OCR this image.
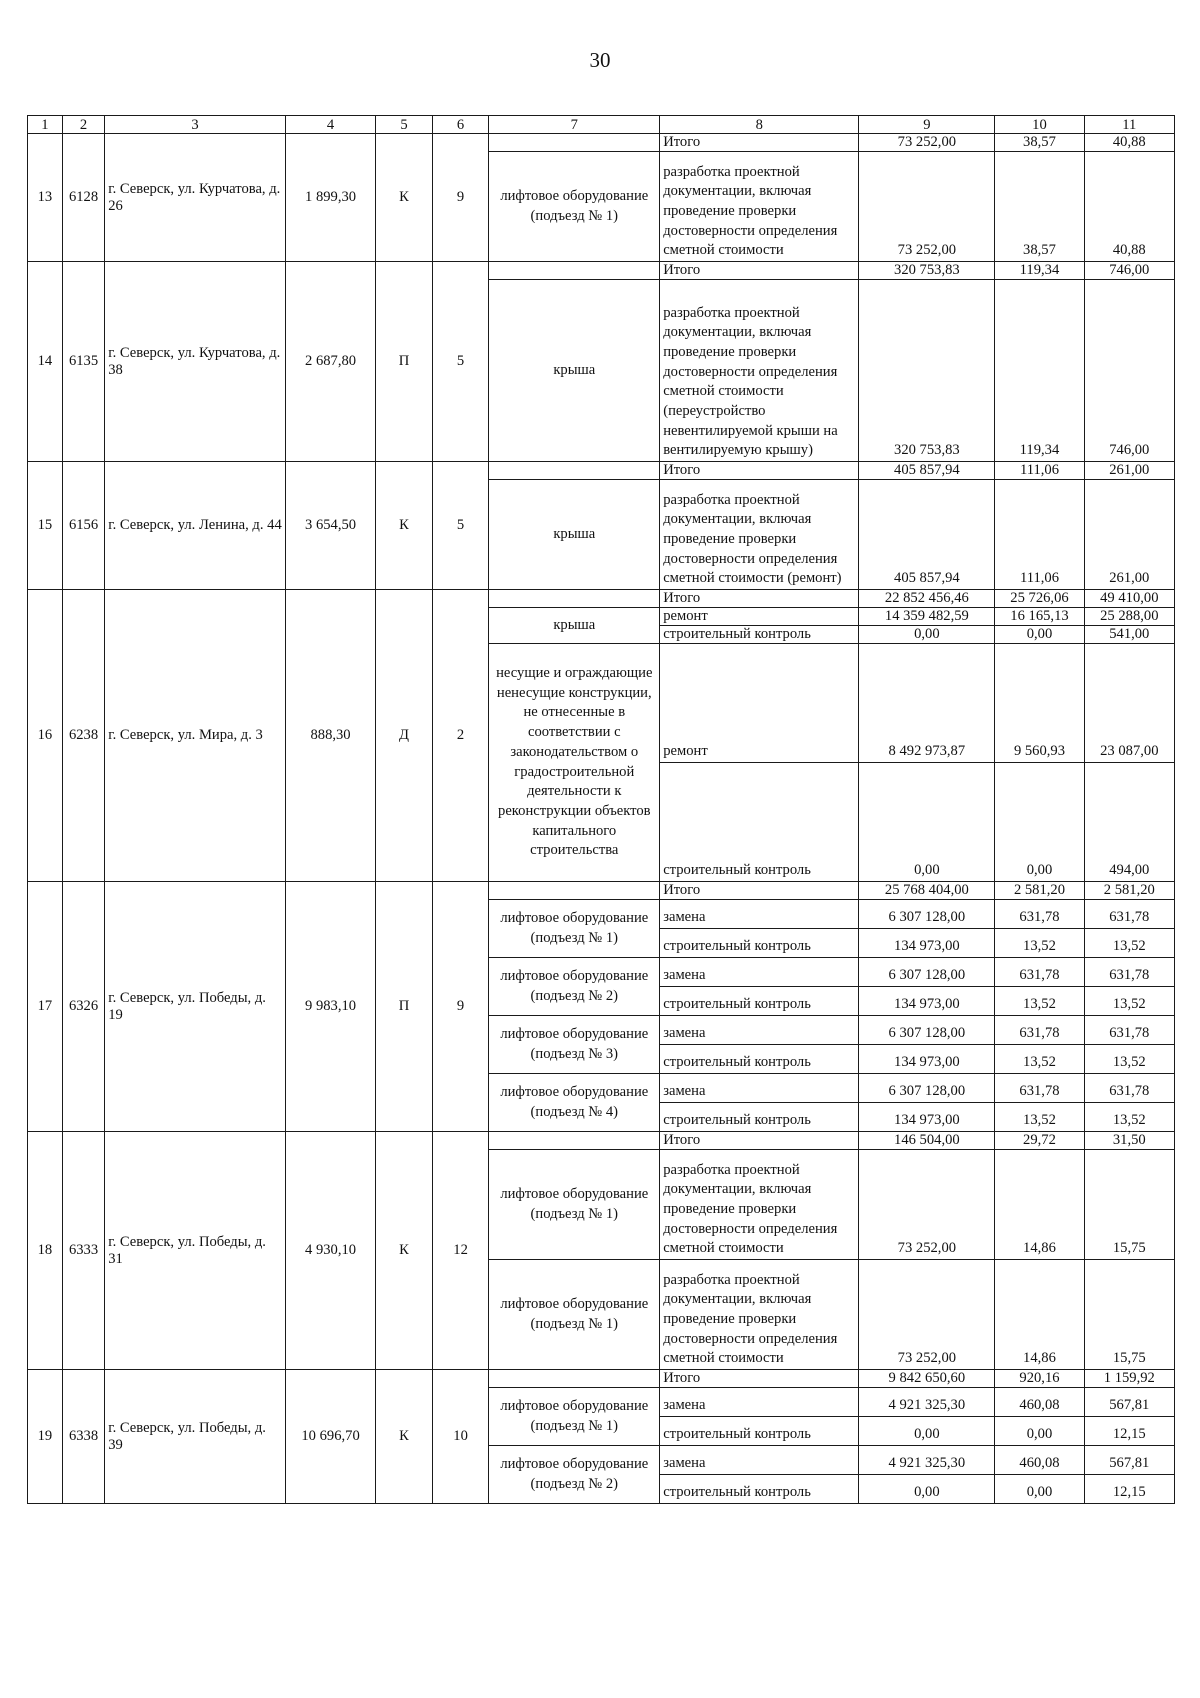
30
1	2	3	4	5	6	7	8	9	10	11
13	6128	г. Северск, ул. Курчатова, д. 26	1 899,30	К	9		Итого	73 252,00	38,57	40,88
						лифтовое оборудование (подъезд № 1)	разработка проектной документации, включая проведение проверки достоверности определения сметной стоимости	73 252,00	38,57	40,88
14	6135	г. Северск, ул. Курчатова, д. 38	2 687,80	П	5		Итого	320 753,83	119,34	746,00
						крыша	разработка проектной документации, включая проведение проверки достоверности определения сметной стоимости (переустройство невентилируемой крыши на вентилируемую крышу)	320 753,83	119,34	746,00
15	6156	г. Северск, ул. Ленина, д. 44	3 654,50	К	5		Итого	405 857,94	111,06	261,00
						крыша	разработка проектной документации, включая проведение проверки достоверности определения сметной стоимости (ремонт)	405 857,94	111,06	261,00
16	6238	г. Северск, ул. Мира, д. 3	888,30	Д	2		Итого	22 852 456,46	25 726,06	49 410,00
						крыша	ремонт	14 359 482,59	16 165,13	25 288,00
							строительный контроль	0,00	0,00	541,00
						несущие и ограждающие ненесущие конструкции, не отнесенные в соответствии с законодательством о градостроительной деятельности к реконструкции объектов капитального строительства	ремонт	8 492 973,87	9 560,93	23 087,00
							строительный контроль	0,00	0,00	494,00
17	6326	г. Северск, ул. Победы, д. 19	9 983,10	П	9		Итого	25 768 404,00	2 581,20	2 581,20
						лифтовое оборудование (подъезд № 1)	замена	6 307 128,00	631,78	631,78
							строительный контроль	134 973,00	13,52	13,52
						лифтовое оборудование (подъезд № 2)	замена	6 307 128,00	631,78	631,78
							строительный контроль	134 973,00	13,52	13,52
						лифтовое оборудование (подъезд № 3)	замена	6 307 128,00	631,78	631,78
							строительный контроль	134 973,00	13,52	13,52
						лифтовое оборудование (подъезд № 4)	замена	6 307 128,00	631,78	631,78
							строительный контроль	134 973,00	13,52	13,52
18	6333	г. Северск, ул. Победы, д. 31	4 930,10	К	12		Итого	146 504,00	29,72	31,50
						лифтовое оборудование (подъезд № 1)	разработка проектной документации, включая проведение проверки достоверности определения сметной стоимости	73 252,00	14,86	15,75
						лифтовое оборудование (подъезд № 1)	разработка проектной документации, включая проведение проверки достоверности определения сметной стоимости	73 252,00	14,86	15,75
19	6338	г. Северск, ул. Победы, д. 39	10 696,70	К	10		Итого	9 842 650,60	920,16	1 159,92
						лифтовое оборудование (подъезд № 1)	замена	4 921 325,30	460,08	567,81
							строительный контроль	0,00	0,00	12,15
						лифтовое оборудование (подъезд № 2)	замена	4 921 325,30	460,08	567,81
							строительный контроль	0,00	0,00	12,15
